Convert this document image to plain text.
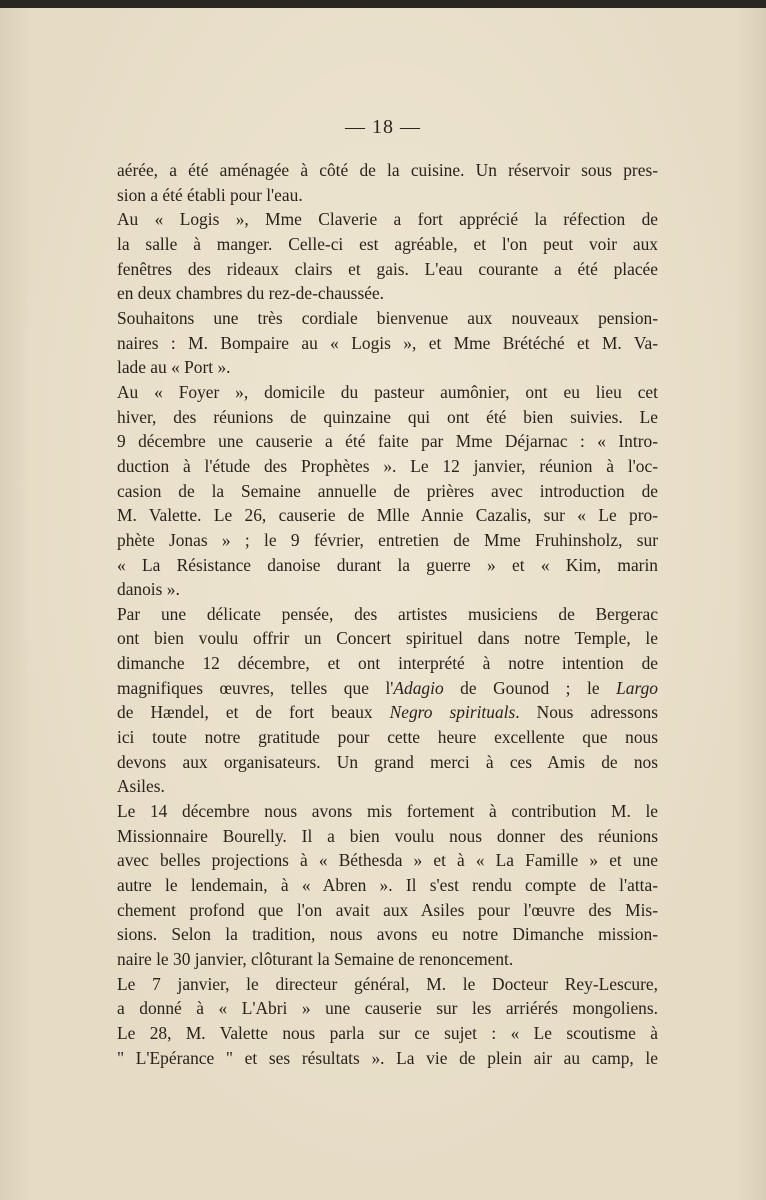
— 18 —
aérée, a été aménagée à côté de la cuisine. Un réservoir sous pres-
sion a été établi pour l'eau.
Au « Logis », Mme Claverie a fort apprécié la réfection de
la salle à manger. Celle-ci est agréable, et l'on peut voir aux
fenêtres des rideaux clairs et gais. L'eau courante a été placée
en deux chambres du rez-de-chaussée.
Souhaitons une très cordiale bienvenue aux nouveaux pension-
naires : M. Bompaire au « Logis », et Mme Brétéché et M. Va-
lade au « Port ».
Au « Foyer », domicile du pasteur aumônier, ont eu lieu cet
hiver, des réunions de quinzaine qui ont été bien suivies. Le
9 décembre une causerie a été faite par Mme Déjarnac : « Intro-
duction à l'étude des Prophètes ». Le 12 janvier, réunion à l'oc-
casion de la Semaine annuelle de prières avec introduction de
M. Valette. Le 26, causerie de Mlle Annie Cazalis, sur « Le pro-
phète Jonas » ; le 9 février, entretien de Mme Fruhinsholz, sur
« La Résistance danoise durant la guerre » et « Kim, marin
danois ».
Par une délicate pensée, des artistes musiciens de Bergerac
ont bien voulu offrir un Concert spirituel dans notre Temple, le
dimanche 12 décembre, et ont interprété à notre intention de
magnifiques œuvres, telles que l'Adagio de Gounod ; le Largo
de Hændel, et de fort beaux Negro spirituals. Nous adressons
ici toute notre gratitude pour cette heure excellente que nous
devons aux organisateurs. Un grand merci à ces Amis de nos
Asiles.
Le 14 décembre nous avons mis fortement à contribution M. le
Missionnaire Bourelly. Il a bien voulu nous donner des réunions
avec belles projections à « Béthesda » et à « La Famille » et une
autre le lendemain, à « Abren ». Il s'est rendu compte de l'atta-
chement profond que l'on avait aux Asiles pour l'œuvre des Mis-
sions. Selon la tradition, nous avons eu notre Dimanche mission-
naire le 30 janvier, clôturant la Semaine de renoncement.
Le 7 janvier, le directeur général, M. le Docteur Rey-Lescure,
a donné à « L'Abri » une causerie sur les arriérés mongoliens.
Le 28, M. Valette nous parla sur ce sujet : « Le scoutisme à
" L'Epérance " et ses résultats ». La vie de plein air au camp, le
